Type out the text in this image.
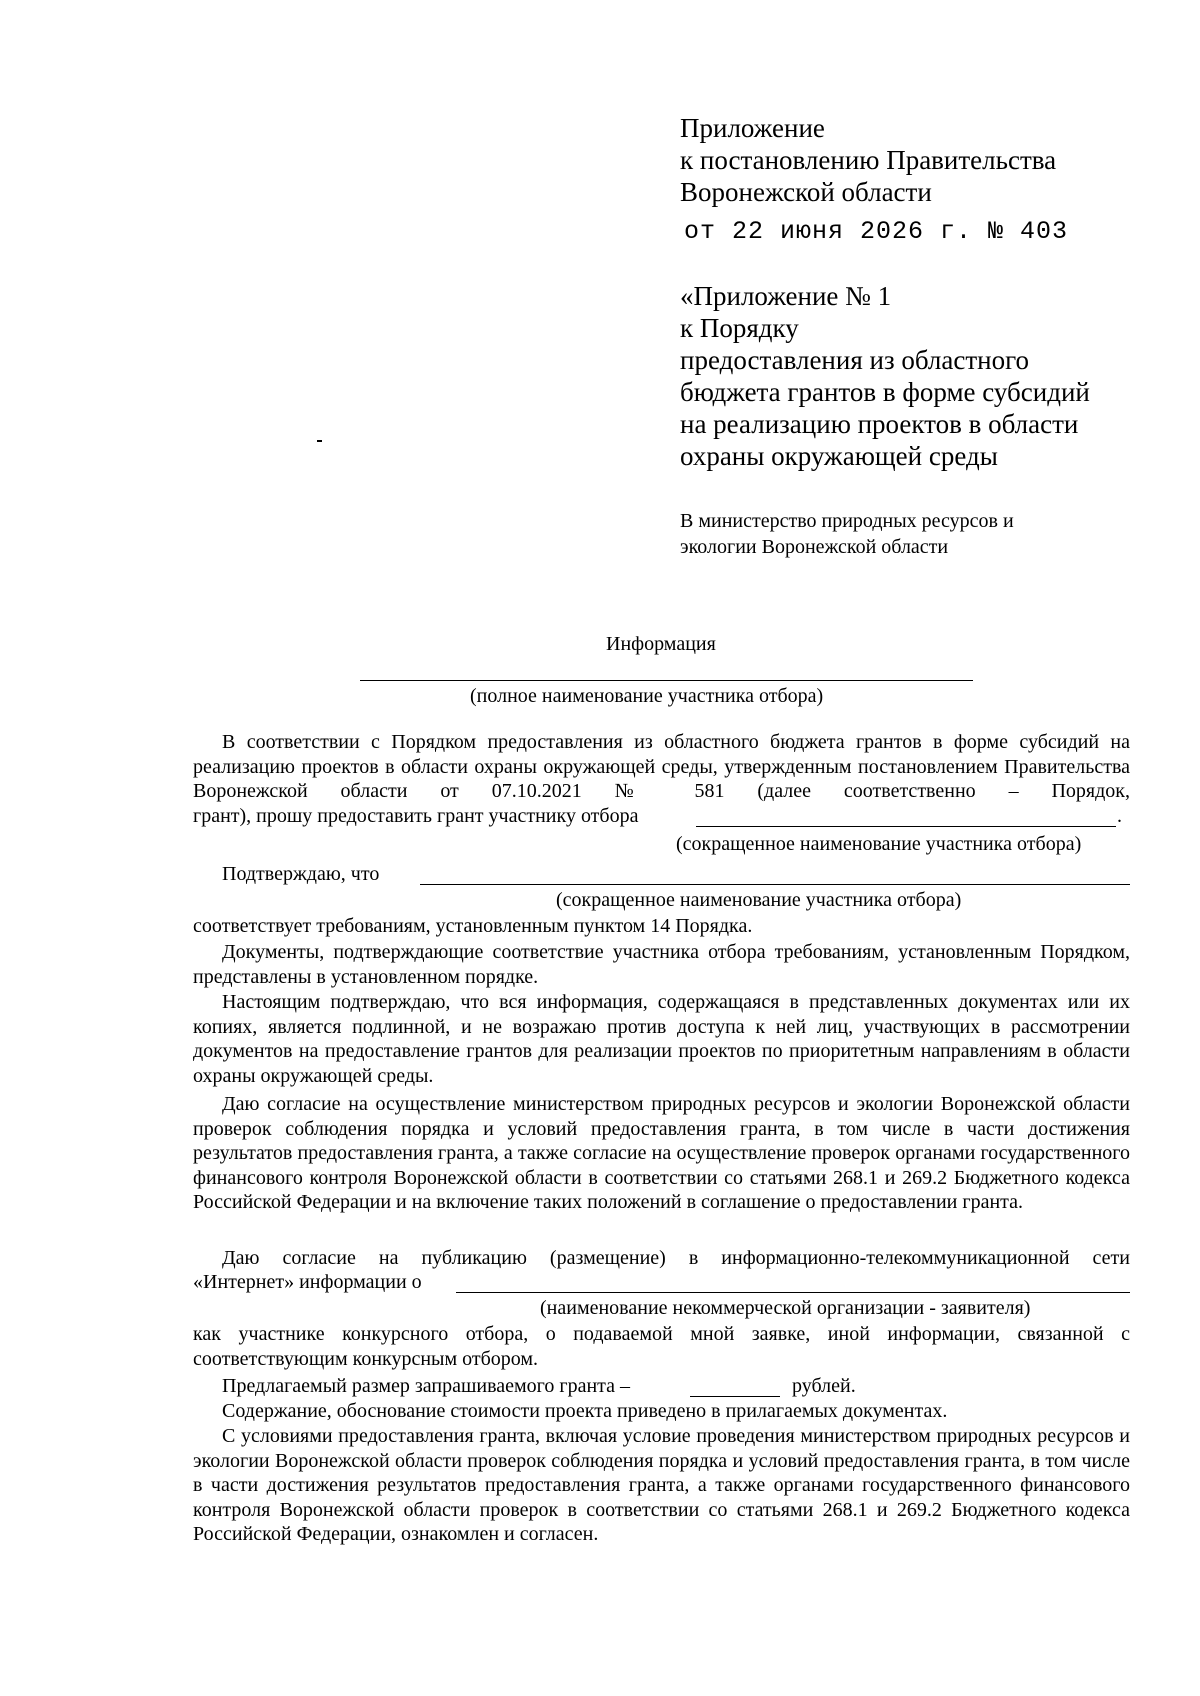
Приложение
к постановлению Правительства
Воронежской области
от 22 июня 2026 г. № 403
«Приложение № 1
к Порядку
предоставления из областного
бюджета грантов в форме субсидий
на реализацию проектов в области
охраны окружающей среды
В министерство природных ресурсов и
экологии Воронежской области
Информация
(полное наименование участника отбора)
В соответствии с Порядком предоставления из областного бюджета грантов в форме субсидий на реализацию проектов в области охраны окружающей среды, утвержденным постановлением Правительства Воронежской области от 07.10.2021 № 581 (далее соответственно – Порядок,
грант), прошу предоставить грант участнику отбора	.
(сокращенное наименование участника отбора)
Подтверждаю, что
(сокращенное наименование участника отбора)
соответствует требованиям, установленным пунктом 14 Порядка.
Документы, подтверждающие соответствие участника отбора требованиям, установленным Порядком, представлены в установленном порядке.
Настоящим подтверждаю, что вся информация, содержащаяся в представленных документах или их копиях, является подлинной, и не возражаю против доступа к ней лиц, участвующих в рассмотрении документов на предоставление грантов для реализации проектов по приоритетным направлениям в области охраны окружающей среды.
Даю согласие на осуществление министерством природных ресурсов и экологии Воронежской области проверок соблюдения порядка и условий предоставления гранта, в том числе в части достижения результатов предоставления гранта, а также согласие на осуществление проверок органами государственного финансового контроля Воронежской области в соответствии со статьями 268.1 и 269.2 Бюджетного кодекса Российской Федерации и на включение таких положений в соглашение о предоставлении гранта.
Даю согласие на публикацию (размещение) в информационно-телекоммуникационной сети
«Интернет» информации о
(наименование некоммерческой организации - заявителя)
как участнике конкурсного отбора, о подаваемой мной заявке, иной информации, связанной с соответствующим конкурсным отбором.
Предлагаемый размер запрашиваемого гранта –	рублей.
Содержание, обоснование стоимости проекта приведено в прилагаемых документах.
С условиями предоставления гранта, включая условие проведения министерством природных ресурсов и экологии Воронежской области проверок соблюдения порядка и условий предоставления гранта, в том числе в части достижения результатов предоставления гранта, а также органами государственного финансового контроля Воронежской области проверок в соответствии со статьями 268.1 и 269.2 Бюджетного кодекса Российской Федерации, ознакомлен и согласен.
